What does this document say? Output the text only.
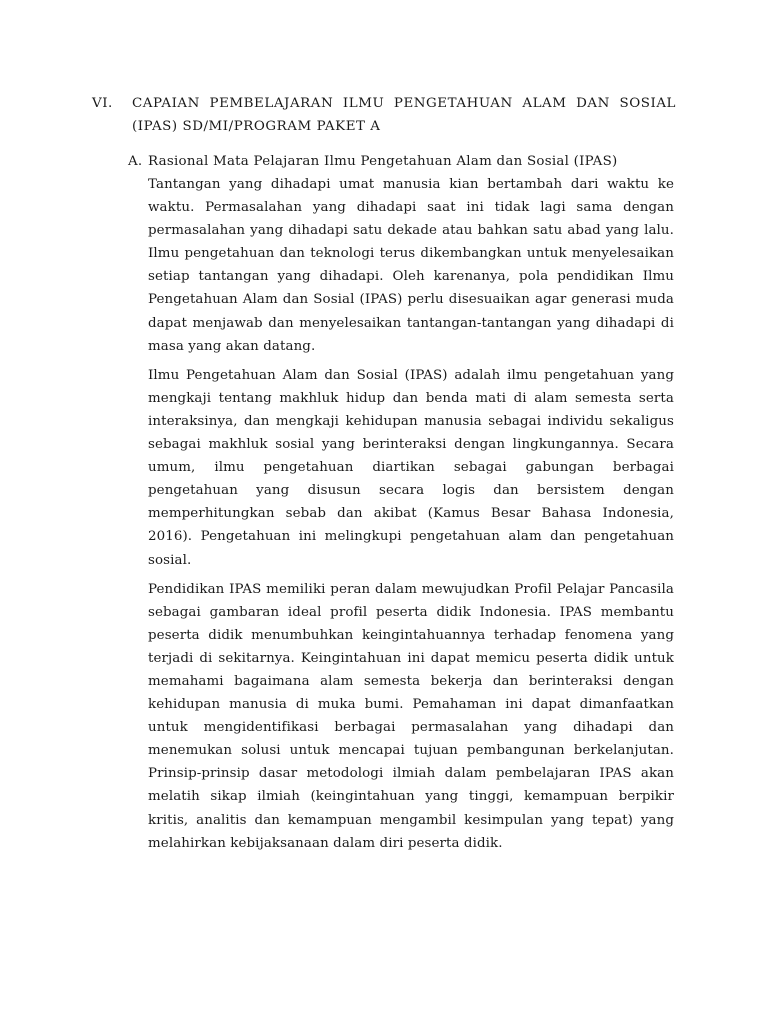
VI. CAPAIAN PEMBELAJARAN ILMU PENGETAHUAN ALAM DAN SOSIAL (IPAS) SD/MI/PROGRAM PAKET A
A. Rasional Mata Pelajaran Ilmu Pengetahuan Alam dan Sosial (IPAS)

Tantangan yang dihadapi umat manusia kian bertambah dari waktu ke waktu. Permasalahan yang dihadapi saat ini tidak lagi sama dengan permasalahan yang dihadapi satu dekade atau bahkan satu abad yang lalu. Ilmu pengetahuan dan teknologi terus dikembangkan untuk menyelesaikan setiap tantangan yang dihadapi. Oleh karenanya, pola pendidikan Ilmu Pengetahuan Alam dan Sosial (IPAS) perlu disesuaikan agar generasi muda dapat menjawab dan menyelesaikan tantangan-tantangan yang dihadapi di masa yang akan datang.

Ilmu Pengetahuan Alam dan Sosial (IPAS) adalah ilmu pengetahuan yang mengkaji tentang makhluk hidup dan benda mati di alam semesta serta interaksinya, dan mengkaji kehidupan manusia sebagai individu sekaligus sebagai makhluk sosial yang berinteraksi dengan lingkungannya. Secara umum, ilmu pengetahuan diartikan sebagai gabungan berbagai pengetahuan yang disusun secara logis dan bersistem dengan memperhitungkan sebab dan akibat (Kamus Besar Bahasa Indonesia, 2016). Pengetahuan ini melingkupi pengetahuan alam dan pengetahuan sosial.

Pendidikan IPAS memiliki peran dalam mewujudkan Profil Pelajar Pancasila sebagai gambaran ideal profil peserta didik Indonesia. IPAS membantu peserta didik menumbuhkan keingintahuannya terhadap fenomena yang terjadi di sekitarnya. Keingintahuan ini dapat memicu peserta didik untuk memahami bagaimana alam semesta bekerja dan berinteraksi dengan kehidupan manusia di muka bumi. Pemahaman ini dapat dimanfaatkan untuk mengidentifikasi berbagai permasalahan yang dihadapi dan menemukan solusi untuk mencapai tujuan pembangunan berkelanjutan. Prinsip-prinsip dasar metodologi ilmiah dalam pembelajaran IPAS akan melatih sikap ilmiah (keingintahuan yang tinggi, kemampuan berpikir kritis, analitis dan kemampuan mengambil kesimpulan yang tepat) yang melahirkan kebijaksanaan dalam diri peserta didik.
